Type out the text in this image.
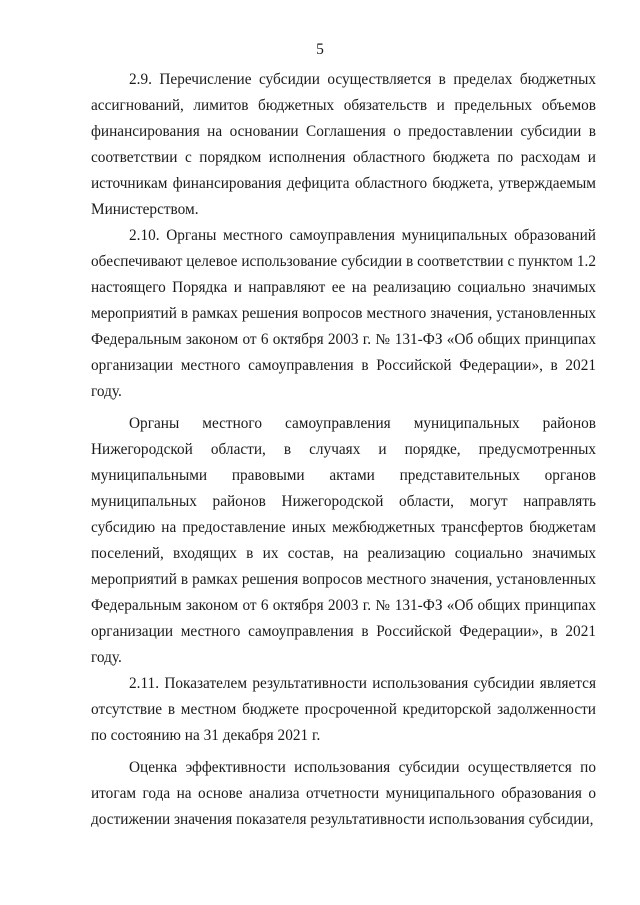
5

2.9. Перечисление субсидии осуществляется в пределах бюджетных ассигнований, лимитов бюджетных обязательств и предельных объемов финансирования на основании Соглашения о предоставлении субсидии в соответствии с порядком исполнения областного бюджета по расходам и источникам финансирования дефицита областного бюджета, утверждаемым Министерством.

2.10. Органы местного самоуправления муниципальных образований обеспечивают целевое использование субсидии в соответствии с пунктом 1.2 настоящего Порядка и направляют ее на реализацию социально значимых мероприятий в рамках решения вопросов местного значения, установленных Федеральным законом от 6 октября 2003 г. № 131-ФЗ «Об общих принципах организации местного самоуправления в Российской Федерации», в 2021 году.

Органы местного самоуправления муниципальных районов Нижегородской области, в случаях и порядке, предусмотренных муниципальными правовыми актами представительных органов муниципальных районов Нижегородской области, могут направлять субсидию на предоставление иных межбюджетных трансфертов бюджетам поселений, входящих в их состав, на реализацию социально значимых мероприятий в рамках решения вопросов местного значения, установленных Федеральным законом от 6 октября 2003 г. № 131-ФЗ «Об общих принципах организации местного самоуправления в Российской Федерации», в 2021 году.

2.11. Показателем результативности использования субсидии является отсутствие в местном бюджете просроченной кредиторской задолженности по состоянию на 31 декабря 2021 г.

Оценка эффективности использования субсидии осуществляется по итогам года на основе анализа отчетности муниципального образования о достижении значения показателя результативности использования субсидии,
